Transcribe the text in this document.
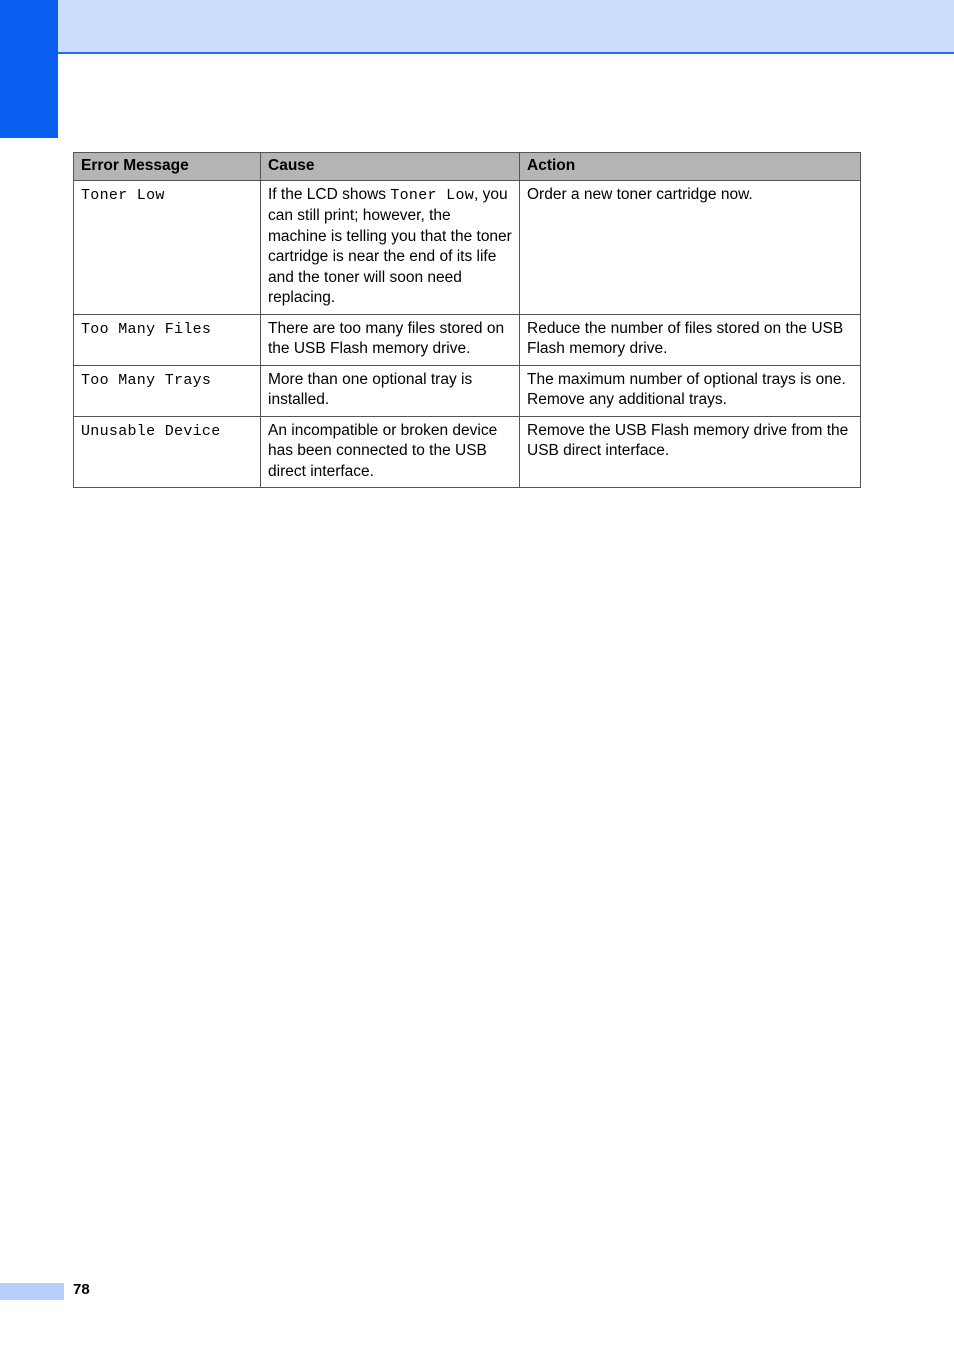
Error Message	Cause	Action
Toner Low	If the LCD shows Toner Low, you can still print; however, the machine is telling you that the toner cartridge is near the end of its life and the toner will soon need replacing.	Order a new toner cartridge now.
Too Many Files	There are too many files stored on the USB Flash memory drive.	Reduce the number of files stored on the USB Flash memory drive.
Too Many Trays	More than one optional tray is installed.	The maximum number of optional trays is one. Remove any additional trays.
Unusable Device	An incompatible or broken device has been connected to the USB direct interface.	Remove the USB Flash memory drive from the USB direct interface.
78
